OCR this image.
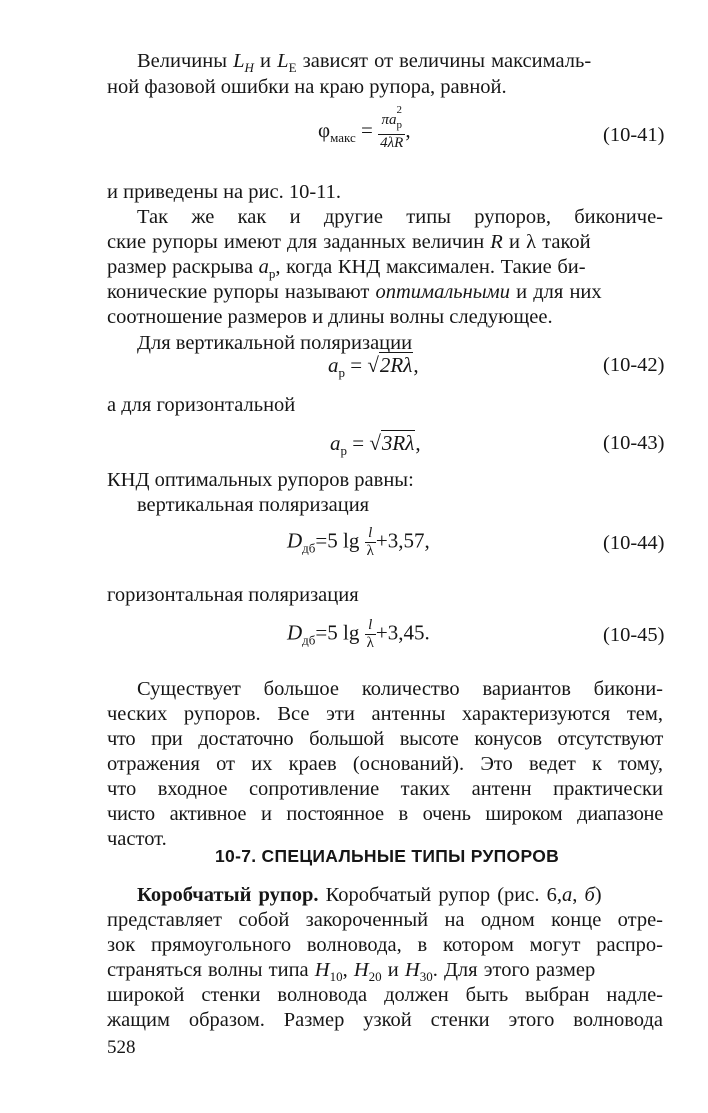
Величины $L_H$ и $L_E$ зависят от величины максималь-
ной фазовой ошибки на краю рупора, равной.
$\varphi_{макс} = \pi a$
2
$_р$
4λR ,	(10-41)
и приведены на рис. 10-11.
Так же как и другие типы рупоров, бикониче-
ские рупоры имеют для заданных величин R и λ такой
размер раскрыва $a_р$, когда КНД максимален. Такие би-
конические рупоры называют оптимальными и для них
соотношение размеров и длины волны следующее.
Для вертикальной поляризации
$a_р = √2R\lambda$,	(10-42)
а для горизонтальной
$a_р = √3R\lambda$,	(10-43)
КНД оптимальных рупоров равны:
вертикальная поляризация
$D_{дб}=5$ $\lg \frac{l}{\lambda} +3,57$,	(10-44)
горизонтальная поляризация
$D_{дб}=5$ $\lg \frac{l}{\lambda} +3,45$.	(10-45)
Существует большое количество вариантов бикони-
ческих рупоров. Все эти антенны характеризуются тем,
что при достаточно большой высоте конусов отсутствуют
отражения от их краев (оснований). Это ведет к тому,
что входное сопротивление таких антенн практически
чисто активное и постоянное в очень широком диапазоне
частот.
10-7. СПЕЦИАЛЬНЫЕ ТИПЫ РУПОРОВ
Коробчатый рупор. Коробчатый рупор (рис. 6,а, б)
представляет собой закороченный на одном конце отре-
зок прямоугольного волновода, в котором могут распро-
страняться волны типа $H_{10}$, $H_{20}$ и $H_{30}$. Для этого размер
широкой стенки волновода должен быть выбран надле-
жащим образом. Размер узкой стенки этого волновода
528
